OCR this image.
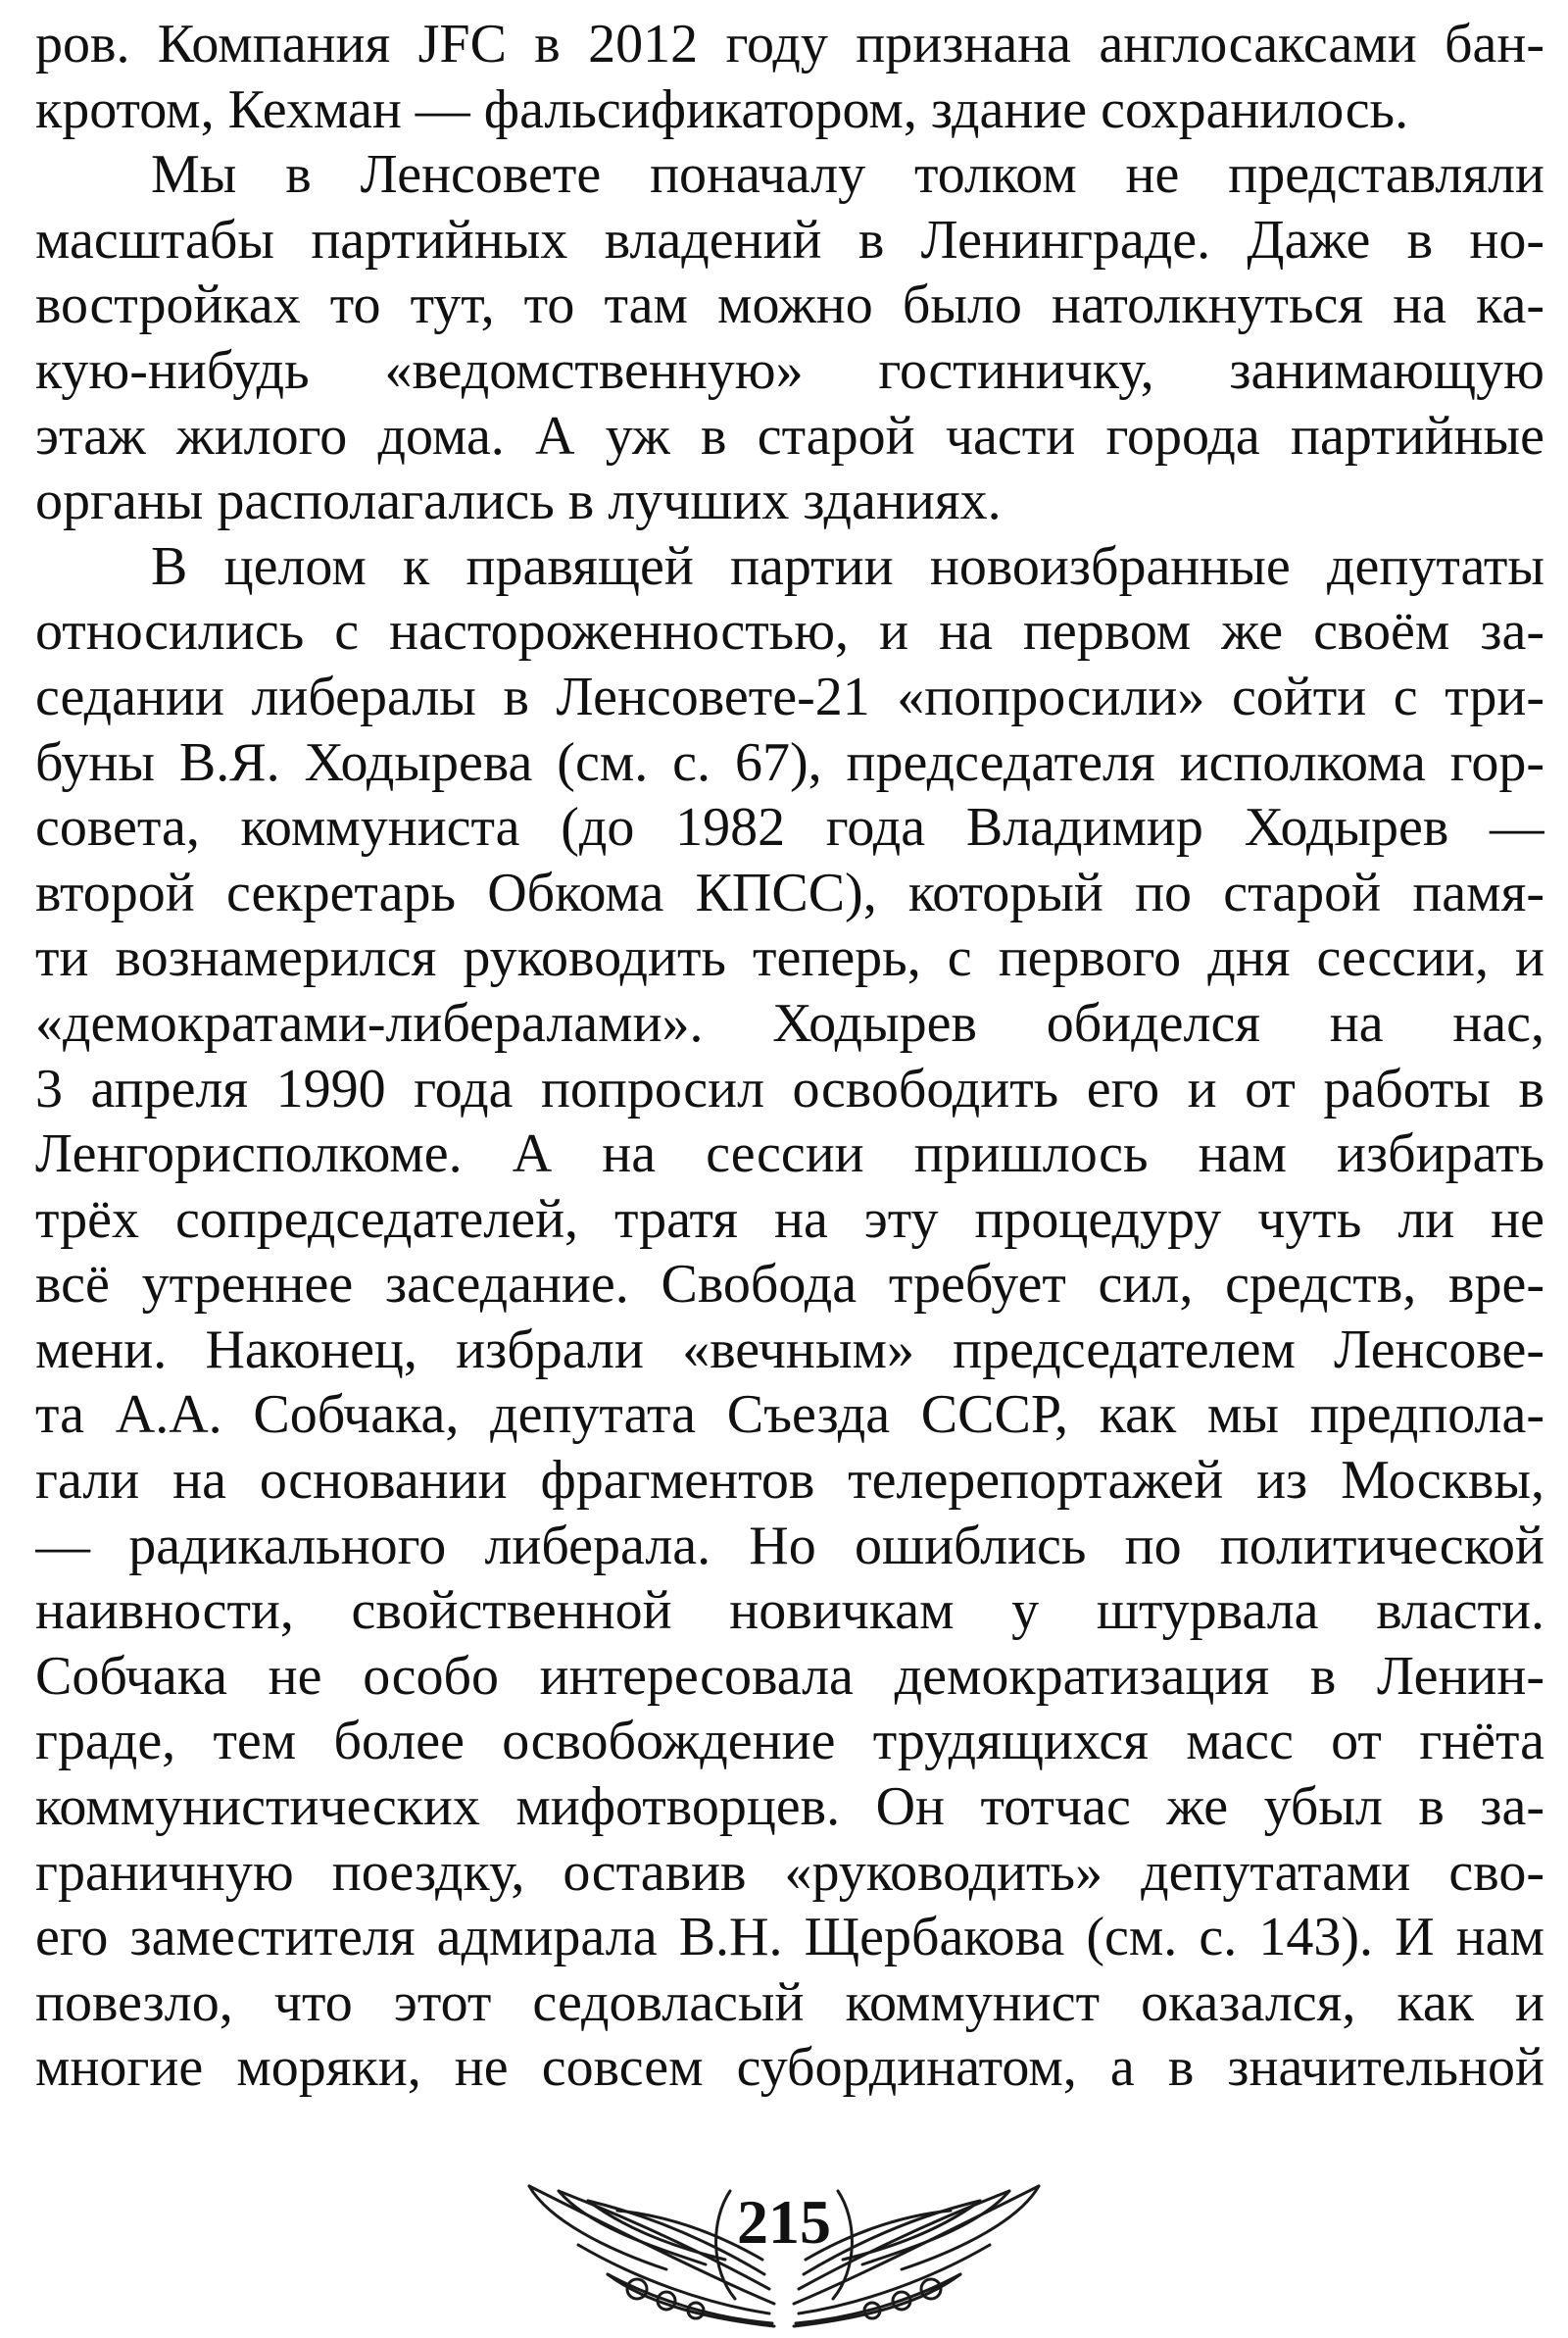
ров. Компания JFC в 2012 году признана англосаксами бан-
кротом, Кехман — фальсификатором, здание сохранилось.
Мы в Ленсовете поначалу толком не представляли
масштабы партийных владений в Ленинграде. Даже в но-
востройках то тут, то там можно было натолкнуться на ка-
кую-нибудь «ведомственную» гостиничку, занимающую
этаж жилого дома. А уж в старой части города партийные
органы располагались в лучших зданиях.
В целом к правящей партии новоизбранные депутаты
относились с настороженностью, и на первом же своём за-
седании либералы в Ленсовете-21 «попросили» сойти с три-
буны В.Я. Ходырева (см. с. 67), председателя исполкома гор-
совета, коммуниста (до 1982 года Владимир Ходырев —
второй секретарь Обкома КПСС), который по старой памя-
ти вознамерился руководить теперь, с первого дня сессии, и
«демократами-либералами». Ходырев обиделся на нас,
3 апреля 1990 года попросил освободить его и от работы в
Ленгорисполкоме. А на сессии пришлось нам избирать
трёх сопредседателей, тратя на эту процедуру чуть ли не
всё утреннее заседание. Свобода требует сил, средств, вре-
мени. Наконец, избрали «вечным» председателем Ленсове-
та А.А. Собчака, депутата Съезда СССР, как мы предпола-
гали на основании фрагментов телерепортажей из Москвы,
— радикального либерала. Но ошиблись по политической
наивности, свойственной новичкам у штурвала власти.
Собчака не особо интересовала демократизация в Ленин-
граде, тем более освобождение трудящихся масс от гнёта
коммунистических мифотворцев. Он тотчас же убыл в за-
граничную поездку, оставив «руководить» депутатами сво-
его заместителя адмирала В.Н. Щербакова (см. с. 143). И нам
повезло, что этот седовласый коммунист оказался, как и
многие моряки, не совсем субординатом, а в значительной
215
